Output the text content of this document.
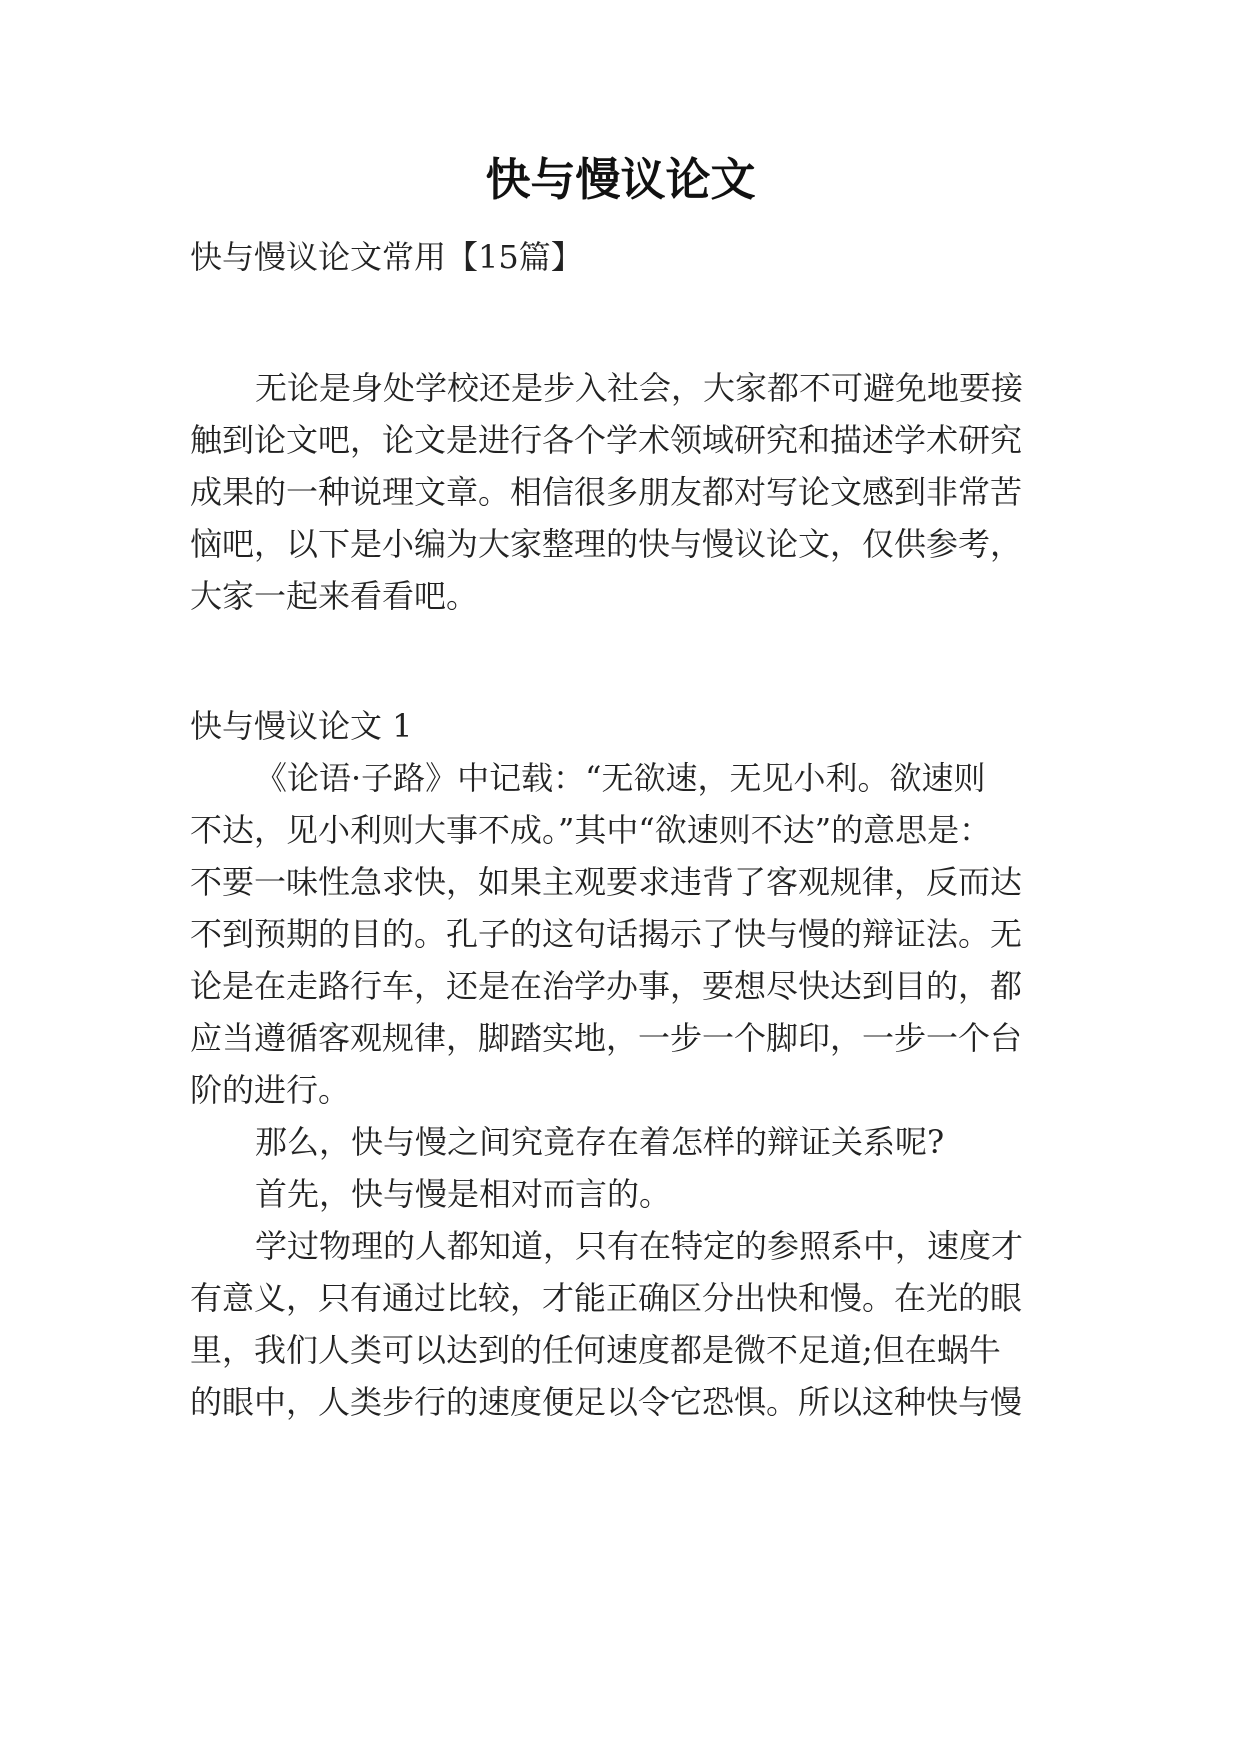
快与慢议论文

快与慢议论文常用【15篇】

无论是身处学校还是步入社会，大家都不可避免地要接

触到论文吧，论文是进行各个学术领域研究和描述学术研究

成果的一种说理文章。相信很多朋友都对写论文感到非常苦

恼吧，以下是小编为大家整理的快与慢议论文，仅供参考，

大家一起来看看吧。

快与慢议论文 1

《论语·子路》中记载：“无欲速，无见小利。欲速则

不达，见小利则大事不成。”其中“欲速则不达”的意思是：

不要一味性急求快，如果主观要求违背了客观规律，反而达

不到预期的目的。孔子的这句话揭示了快与慢的辩证法。无

论是在走路行车，还是在治学办事，要想尽快达到目的，都

应当遵循客观规律，脚踏实地，一步一个脚印，一步一个台

阶的进行。

那么，快与慢之间究竟存在着怎样的辩证关系呢?

首先，快与慢是相对而言的。

学过物理的人都知道，只有在特定的参照系中，速度才

有意义，只有通过比较，才能正确区分出快和慢。在光的眼

里，我们人类可以达到的任何速度都是微不足道;但在蜗牛

的眼中，人类步行的速度便足以令它恐惧。所以这种快与慢
